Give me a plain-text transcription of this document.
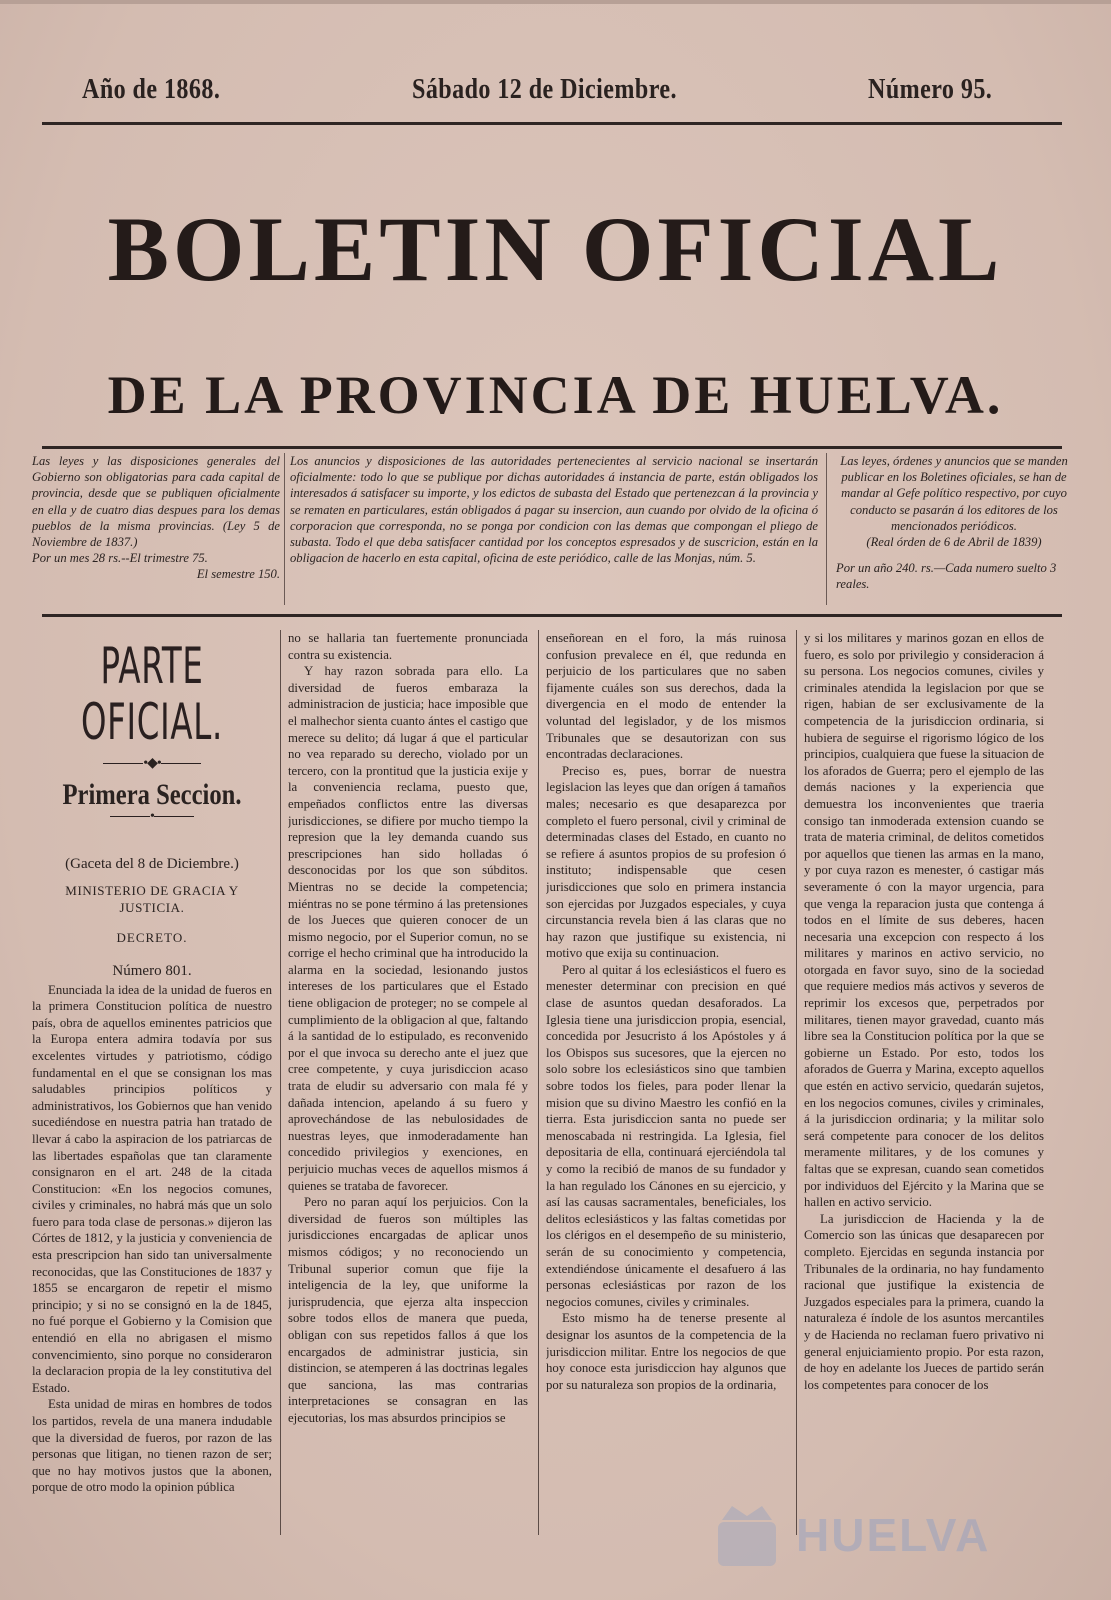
Año de 1868.	Sábado 12 de Diciembre.	Número 95.
BOLETIN OFICIAL
DE LA PROVINCIA DE HUELVA.
Las leyes y las disposiciones generales del Gobierno son obligatorias para cada capital de provincia, desde que se publiquen oficialmente en ella y de cuatro dias despues para los demas pueblos de la misma provincias. (Ley 5 de Noviembre de 1837.)
Por un mes 28 rs.--El trimestre 75.
El semestre 150.
Los anuncios y disposiciones de las autoridades pertenecientes al servicio nacional se insertarán oficialmente: todo lo que se publique por dichas autoridades á instancia de parte, están obligados los interesados á satisfacer su importe, y los edictos de subasta del Estado que pertenezcan á la provincia y se rematen en particulares, están obligados á pagar su insercion, aun cuando por olvido de la oficina ó corporacion que corresponda, no se ponga por condicion con las demas que compongan el pliego de subasta. Todo el que deba satisfacer cantidad por los conceptos espresados y de suscricion, están en la obligacion de hacerlo en esta capital, oficina de este periódico, calle de las Monjas, núm. 5.
Las leyes, órdenes y anuncios que se manden publicar en los Boletines oficiales, se han de mandar al Gefe político respectivo, por cuyo conducto se pasarán á los editores de los mencionados periódicos.
(Real órden de 6 de Abril de 1839)
Por un año 240. rs.—Cada numero suelto 3 reales.
PARTE OFICIAL.
•◆•
Primera Seccion.
•
(Gaceta del 8 de Diciembre.)
MINISTERIO DE GRACIA Y JUSTICIA.
DECRETO.
Número 801.

Enunciada la idea de la unidad de fueros en la primera Constitucion política de nuestro país, obra de aquellos eminentes patricios que la Europa entera admira todavía por sus excelentes virtudes y patriotismo, código fundamental en el que se consignan los mas saludables principios políticos y administrativos, los Gobiernos que han venido sucediéndose en nuestra patria han tratado de llevar á cabo la aspiracion de los patriarcas de las libertades españolas que tan claramente consignaron en el art. 248 de la citada Constitucion: «En los negocios comunes, civiles y criminales, no habrá más que un solo fuero para toda clase de personas.» dijeron las Córtes de 1812, y la justicia y conveniencia de esta prescripcion han sido tan universalmente reconocidas, que las Constituciones de 1837 y 1855 se encargaron de repetir el mismo principio; y si no se consignó en la de 1845, no fué porque el Gobierno y la Comision que entendió en ella no abrigasen el mismo convencimiento, sino porque no consideraron la declaracion propia de la ley constitutiva del Estado.

Esta unidad de miras en hombres de todos los partidos, revela de una manera indudable que la diversidad de fueros, por razon de las personas que litigan, no tienen razon de ser; que no hay motivos justos que la abonen, porque de otro modo la opinion pública

no se hallaria tan fuertemente pronunciada contra su existencia.

Y hay razon sobrada para ello. La diversidad de fueros embaraza la administracion de justicia; hace imposible que el malhechor sienta cuanto ántes el castigo que merece su delito; dá lugar á que el particular no vea reparado su derecho, violado por un tercero, con la prontitud que la justicia exije y la conveniencia reclama, puesto que, empeñados conflictos entre las diversas jurisdicciones, se difiere por mucho tiempo la represion que la ley demanda cuando sus prescripciones han sido holladas ó desconocidas por los que son súbditos. Mientras no se decide la competencia; miéntras no se pone término á las pretensiones de los Jueces que quieren conocer de un mismo negocio, por el Superior comun, no se corrige el hecho criminal que ha introducido la alarma en la sociedad, lesionando justos intereses de los particulares que el Estado tiene obligacion de proteger; no se compele al cumplimiento de la obligacion al que, faltando á la santidad de lo estipulado, es reconvenido por el que invoca su derecho ante el juez que cree competente, y cuya jurisdiccion acaso trata de eludir su adversario con mala fé y dañada intencion, apelando á su fuero y aprovechándose de las nebulosidades de nuestras leyes, que inmoderadamente han concedido privilegios y exenciones, en perjuicio muchas veces de aquellos mismos á quienes se trataba de favorecer.

Pero no paran aquí los perjuicios. Con la diversidad de fueros son múltiples las jurisdicciones encargadas de aplicar unos mismos códigos; y no reconociendo un Tribunal superior comun que fije la inteligencia de la ley, que uniforme la jurisprudencia, que ejerza alta inspeccion sobre todos ellos de manera que pueda, obligan con sus repetidos fallos á que los encargados de administrar justicia, sin distincion, se atemperen á las doctrinas legales que sanciona, las mas contrarias interpretaciones se consagran en las ejecutorias, los mas absurdos principios se

enseñorean en el foro, la más ruinosa confusion prevalece en él, que redunda en perjuicio de los particulares que no saben fijamente cuáles son sus derechos, dada la divergencia en el modo de entender la voluntad del legislador, y de los mismos Tribunales que se desautorizan con sus encontradas declaraciones.

Preciso es, pues, borrar de nuestra legislacion las leyes que dan orígen á tamaños males; necesario es que desaparezca por completo el fuero personal, civil y criminal de determinadas clases del Estado, en cuanto no se refiere á asuntos propios de su profesion ó instituto; indispensable que cesen jurisdicciones que solo en primera instancia son ejercidas por Juzgados especiales, y cuya circunstancia revela bien á las claras que no hay razon que justifique su existencia, ni motivo que exija su continuacion.

Pero al quitar á los eclesiásticos el fuero es menester determinar con precision en qué clase de asuntos quedan desaforados. La Iglesia tiene una jurisdiccion propia, esencial, concedida por Jesucristo á los Apóstoles y á los Obispos sus sucesores, que la ejercen no solo sobre los eclesiásticos sino que tambien sobre todos los fieles, para poder llenar la mision que su divino Maestro les confió en la tierra. Esta jurisdiccion santa no puede ser menoscabada ni restringida. La Iglesia, fiel depositaria de ella, continuará ejerciéndola tal y como la recibió de manos de su fundador y la han regulado los Cánones en su ejercicio, y así las causas sacramentales, beneficiales, los delitos eclesiásticos y las faltas cometidas por los clérigos en el desempeño de su ministerio, serán de su conocimiento y competencia, extendiéndose únicamente el desafuero á las personas eclesiásticas por razon de los negocios comunes, civiles y criminales.

Esto mismo ha de tenerse presente al designar los asuntos de la competencia de la jurisdiccion militar. Entre los negocios de que hoy conoce esta jurisdiccion hay algunos que por su naturaleza son propios de la ordinaria,

y si los militares y marinos gozan en ellos de fuero, es solo por privilegio y consideracion á su persona. Los negocios comunes, civiles y criminales atendida la legislacion por que se rigen, habian de ser exclusivamente de la competencia de la jurisdiccion ordinaria, si hubiera de seguirse el rigorismo lógico de los principios, cualquiera que fuese la situacion de los aforados de Guerra; pero el ejemplo de las demás naciones y la experiencia que demuestra los inconvenientes que traeria consigo tan inmoderada extension cuando se trata de materia criminal, de delitos cometidos por aquellos que tienen las armas en la mano, y por cuya razon es menester, ó castigar más severamente ó con la mayor urgencia, para que venga la reparacion justa que contenga á todos en el límite de sus deberes, hacen necesaria una excepcion con respecto á los militares y marinos en activo servicio, no otorgada en favor suyo, sino de la sociedad que requiere medios más activos y severos de reprimir los excesos que, perpetrados por militares, tienen mayor gravedad, cuanto más libre sea la Constitucion política por la que se gobierne un Estado. Por esto, todos los aforados de Guerra y Marina, excepto aquellos que estén en activo servicio, quedarán sujetos, en los negocios comunes, civiles y criminales, á la jurisdiccion ordinaria; y la militar solo será competente para conocer de los delitos meramente militares, y de los comunes y faltas que se expresan, cuando sean cometidos por individuos del Ejército y la Marina que se hallen en activo servicio.

La jurisdiccion de Hacienda y la de Comercio son las únicas que desaparecen por completo. Ejercidas en segunda instancia por Tribunales de la ordinaria, no hay fundamento racional que justifique la existencia de Juzgados especiales para la primera, cuando la naturaleza é índole de los asuntos mercantiles y de Hacienda no reclaman fuero privativo ni general enjuiciamiento propio. Por esta razon, de hoy en adelante los Jueces de partido serán los competentes para conocer de los

HUELVA
